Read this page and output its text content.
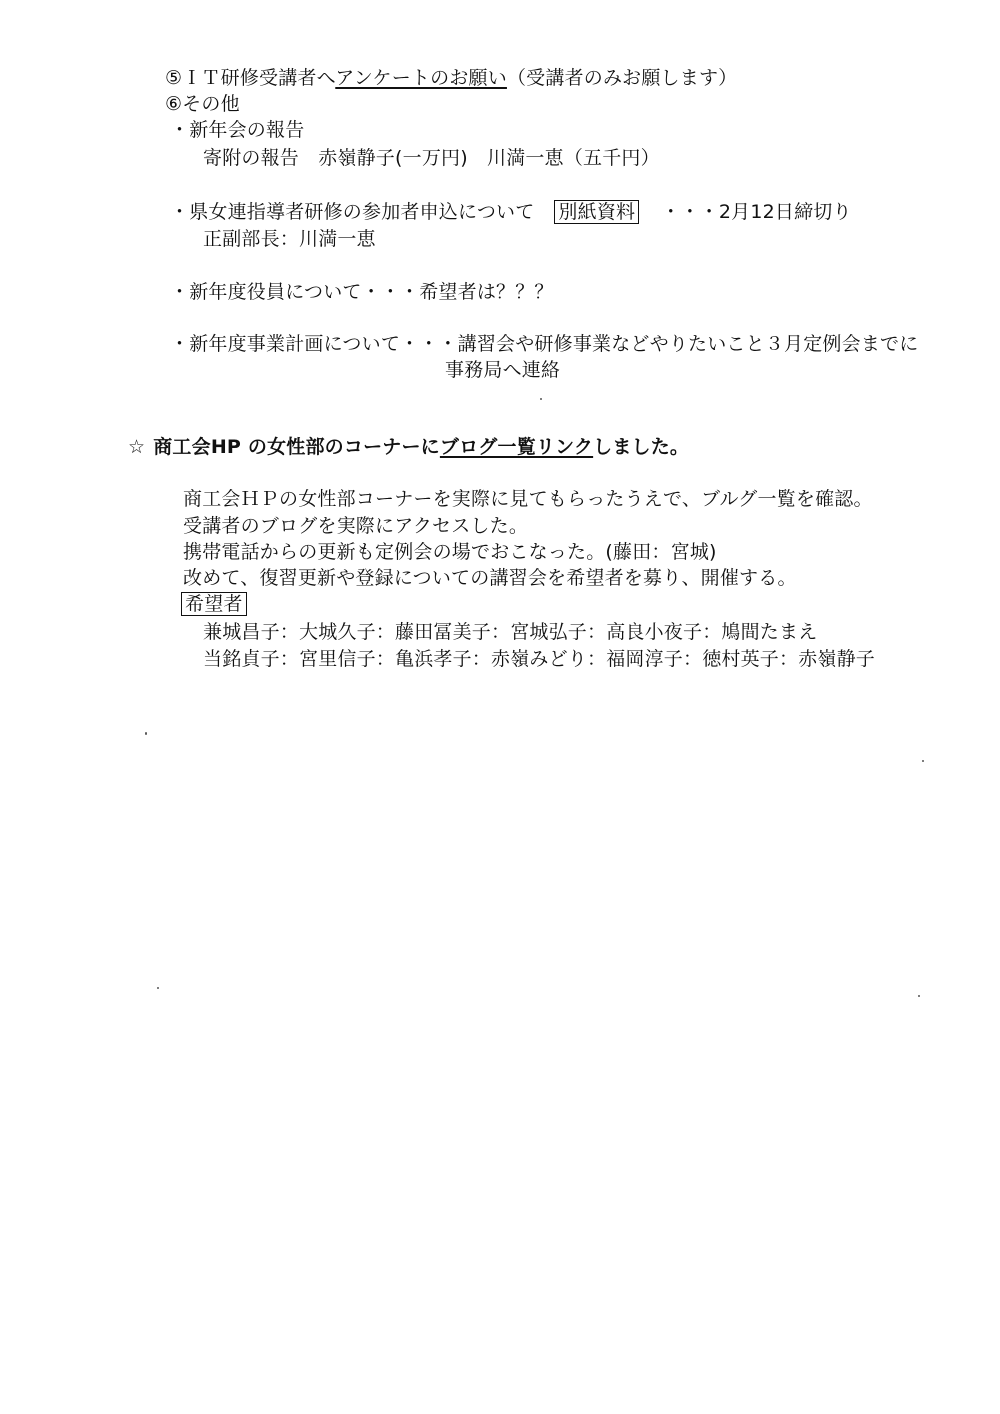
⑤ＩＴ研修受講者へアンケートのお願い（受講者のみお願します）
⑥その他
・新年会の報告
寄附の報告　赤嶺静子(一万円)　川満一恵（五千円）
・県女連指導者研修の参加者申込について 別紙資料 ・・・2月12日締切り
正副部長：川満一恵
・新年度役員について・・・希望者は？？？
・新年度事業計画について・・・講習会や研修事業などやりたいこと３月定例会までに
事務局へ連絡
☆ 商工会HP の女性部のコーナーにブログ一覧リンクしました。
商工会ＨＰの女性部コーナーを実際に見てもらったうえで、ブルグ一覧を確認。
受講者のブログを実際にアクセスした。
携帯電話からの更新も定例会の場でおこなった。(藤田：宮城)
改めて、復習更新や登録についての講習会を希望者を募り、開催する。
希望者
兼城昌子：大城久子：藤田冨美子：宮城弘子：高良小夜子：鳩間たまえ
当銘貞子：宮里信子：亀浜孝子：赤嶺みどり：福岡淳子：徳村英子：赤嶺静子
